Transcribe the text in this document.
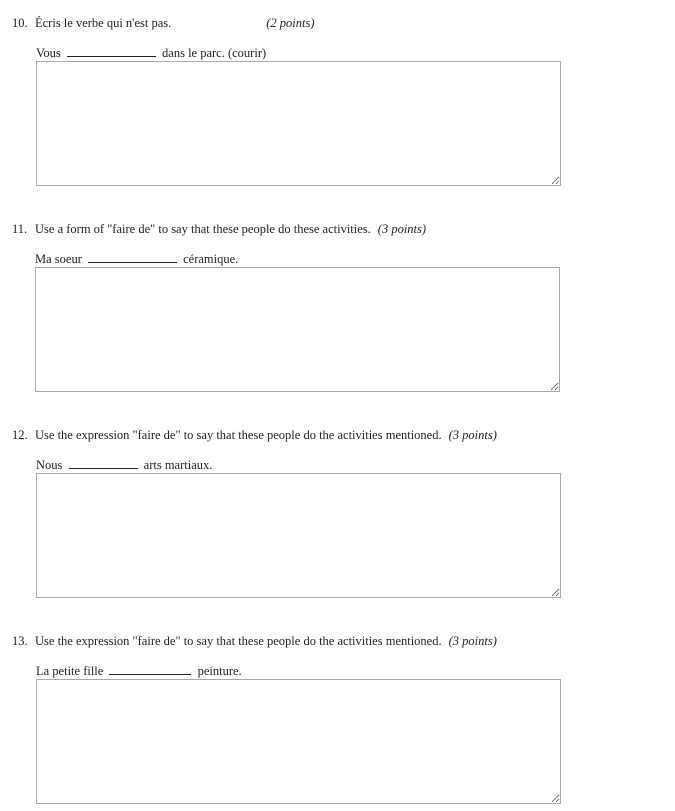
10. Écris le verbe qui n'est pas.	(2 points)
Vous	dans le parc. (courir)
11. Use a form of "faire de" to say that these people do these activities. (3 points)
Ma soeur	céramique.
12. Use the expression "faire de" to say that these people do the activities mentioned. (3 points)
Nous	arts martiaux.
13. Use the expression "faire de" to say that these people do the activities mentioned. (3 points)
La petite fille	peinture.
